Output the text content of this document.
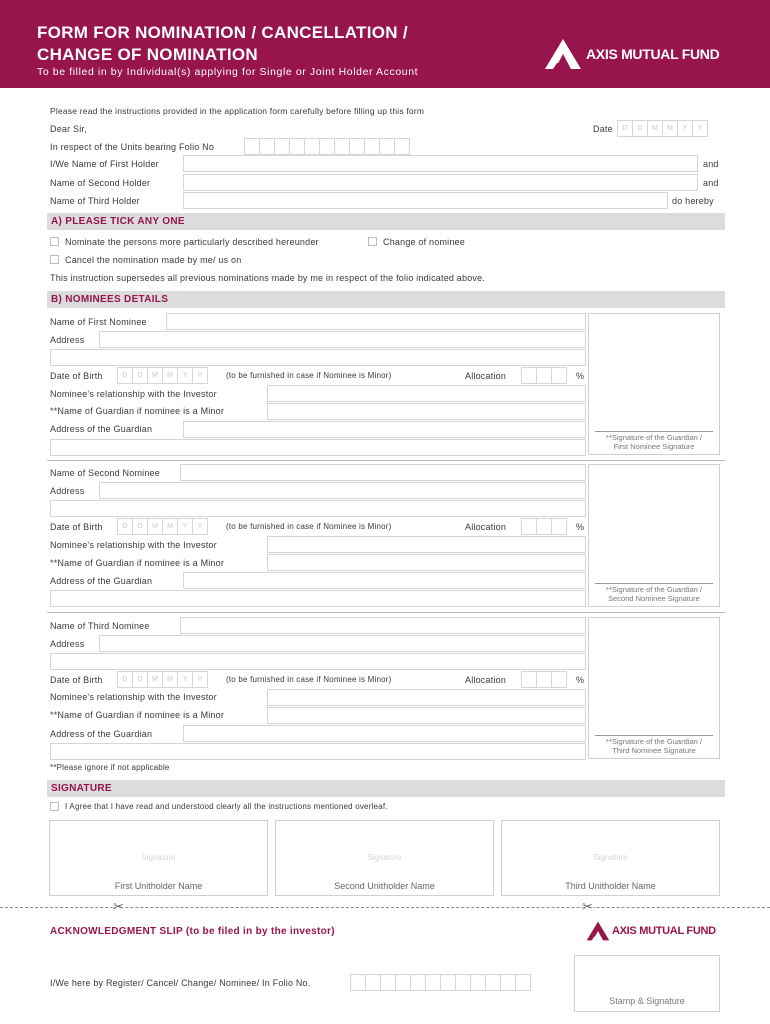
FORM FOR NOMINATION / CANCELLATION /
CHANGE OF NOMINATION
To be filled in by Individual(s) applying for Single or Joint Holder Account
AXIS MUTUAL FUND
Please read the instructions provided in the application form carefully before filling up this form
Dear Sir,	Date	D	D	M	M	Y	Y
In respect of the Units bearing Folio No
I/We Name of First Holder	and
Name of Second Holder	and
Name of Third Holder	do hereby
A) PLEASE TICK ANY ONE
Nominate the persons more particularly described hereunder	Change of nominee
Cancel the nomination made by me/ us on
This instruction supersedes all previous nominations made by me in respect of the folio indicated above.
B) NOMINEES DETAILS
Name of First Nominee
Address
Date of Birth	D	D	M	M	Y	Y	(to be furnished in case if Nominee is Minor)	Allocation	%
Nominee's relationship with the Investor
**Name of Guardian if nominee is a Minor
Address of the Guardian
**Signature of the Guardian /
First Nominee Signature
Name of Second Nominee
Address
Date of Birth	D	D	M	M	Y	Y	(to be furnished in case if Nominee is Minor)	Allocation	%
Nominee's relationship with the Investor
**Name of Guardian if nominee is a Minor
Address of the Guardian
**Signature of the Guardian /
Second Nominee Signature
Name of Third Nominee
Address
Date of Birth	D	D	M	M	Y	Y	(to be furnished in case if Nominee is Minor)	Allocation	%
Nominee's relationship with the Investor
**Name of Guardian if nominee is a Minor
Address of the Guardian
**Signature of the Guardian /
Third Nominee Signature
**Please ignore if not applicable
SIGNATURE
I Agree that I have read and understood clearly all the instructions mentioned overleaf.
Signature
First Unitholder Name
Signature
Second Unitholder Name
Signature
Third Unitholder Name
✂	✂
ACKNOWLEDGMENT SLIP (to be filed in by the investor)	AXIS MUTUAL FUND
I/We here by Register/ Cancel/ Change/ Nominee/ In Folio No.
Stamp & Signature
